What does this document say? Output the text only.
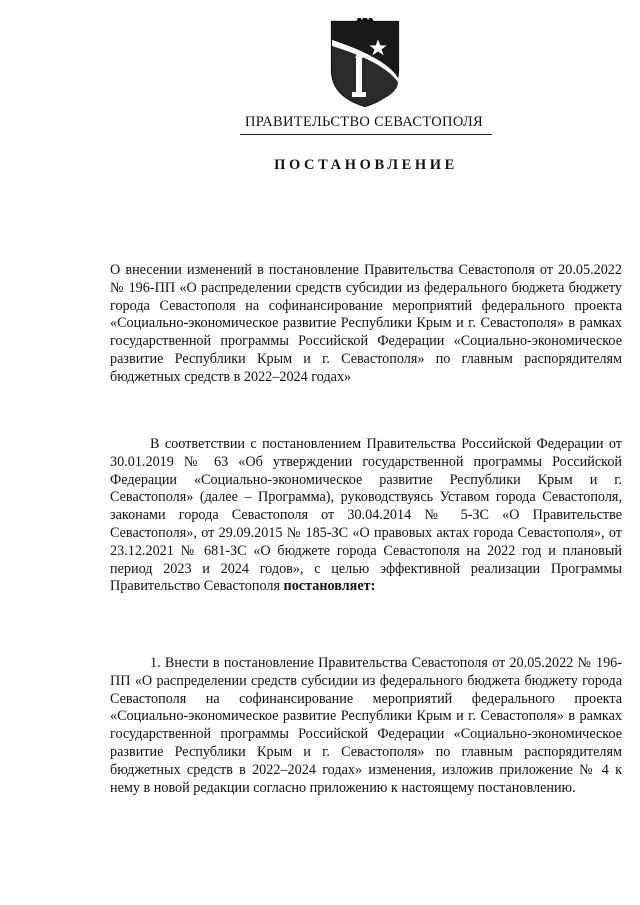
ПРАВИТЕЛЬСТВО СЕВАСТОПОЛЯ
ПОСТАНОВЛЕНИЕ

О внесении изменений в постановление Правительства Севастополя от 20.05.2022 № 196-ПП «О распределении средств субсидии из федерального бюджета бюджету города Севастополя на софинансирование мероприятий федерального проекта «Социально-экономическое развитие Республики Крым и г. Севастополя» в рамках государственной программы Российской Федерации «Социально-экономическое развитие Республики Крым и г. Севастополя» по главным распорядителям бюджетных средств в 2022–2024 годах»

В соответствии с постановлением Правительства Российской Федерации от 30.01.2019 № 63 «Об утверждении государственной программы Российской Федерации «Социально-экономическое развитие Республики Крым и г. Севастополя» (далее – Программа), руководствуясь Уставом города Севастополя, законами города Севастополя от 30.04.2014 № 5-ЗС «О Правительстве Севастополя», от 29.09.2015 № 185-ЗС «О правовых актах города Севастополя», от 23.12.2021 № 681-ЗС «О бюджете города Севастополя на 2022 год и плановый период 2023 и 2024 годов», с целью эффективной реализации Программы Правительство Севастополя постановляет:

1. Внести в постановление Правительства Севастополя от 20.05.2022 № 196-ПП «О распределении средств субсидии из федерального бюджета бюджету города Севастополя на софинансирование мероприятий федерального проекта «Социально-экономическое развитие Республики Крым и г. Севастополя» в рамках государственной программы Российской Федерации «Социально-экономическое развитие Республики Крым и г. Севастополя» по главным распорядителям бюджетных средств в 2022–2024 годах» изменения, изложив приложение № 4 к нему в новой редакции согласно приложению к настоящему постановлению.
